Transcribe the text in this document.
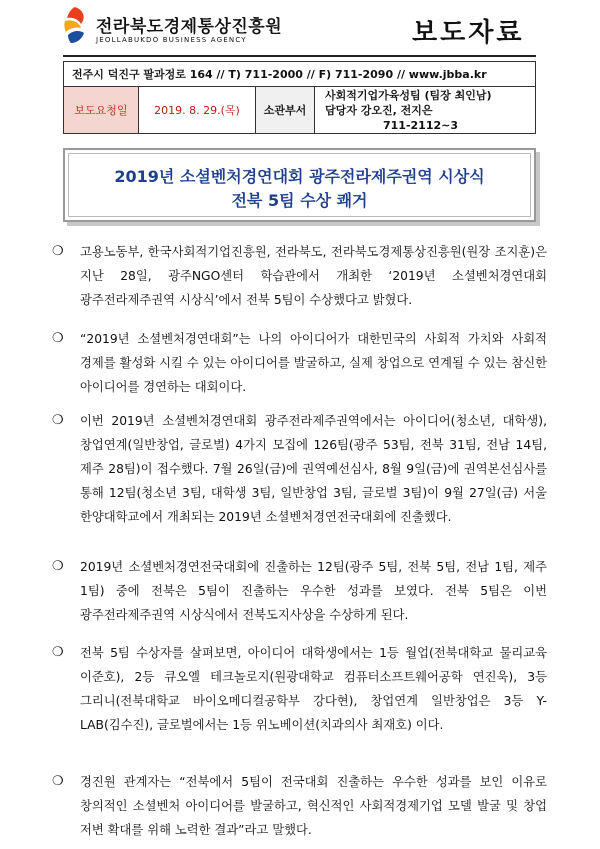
전라북도경제통상진흥원
JEOLLABUKDO BUSINESS AGENCY	보도자료
전주시 덕진구 팔과정로 164 // T) 711-2000 // F) 711-2090 // www.jbba.kr
보도요청일	2019. 8. 29.(목)	소관부서	
사회적기업가육성팀 (팀장 최인남)
담당자 강오진, 전지은
711-2112~3
2019년 소셜벤처경연대회 광주전라제주권역 시상식
전북 5팀 수상 쾌거
❍ 고용노동부, 한국사회적기업진흥원, 전라북도, 전라북도경제통상진흥원(원장 조지훈)은 지난 28일, 광주NGO센터 학습관에서 개최한 ‘2019년 소셜벤처경연대회 광주전라제주권역 시상식’에서 전북 5팀이 수상했다고 밝혔다.
❍ “2019년 소셜벤처경연대회”는 나의 아이디어가 대한민국의 사회적 가치와 사회적 경제를 활성화 시킬 수 있는 아이디어를 발굴하고, 실제 창업으로 연계될 수 있는 참신한 아이디어를 경연하는 대회이다.
❍ 이번 2019년 소셜벤처경연대회 광주전라제주권역에서는 아이디어(청소년, 대학생), 창업연계(일반창업, 글로벌) 4가지 모집에 126팀(광주 53팀, 전북 31팀, 전남 14팀, 제주 28팀)이 접수했다. 7월 26일(금)에 권역예선심사, 8월 9일(금)에 권역본선심사를 통해 12팀(청소년 3팀, 대학생 3팀, 일반창업 3팀, 글로벌 3팀)이 9월 27일(금) 서울 한양대학교에서 개최되는 2019년 소셜벤처경연전국대회에 진출했다.
❍ 2019년 소셜벤처경연전국대회에 진출하는 12팀(광주 5팀, 전북 5팀, 전남 1팀, 제주 1팀) 중에 전북은 5팀이 진출하는 우수한 성과를 보였다. 전북 5팀은 이번 광주전라제주권역 시상식에서 전북도지사상을 수상하게 된다.
❍ 전북 5팀 수상자를 살펴보면, 아이디어 대학생에서는 1등 월업(전북대학교 물리교육 이준호), 2등 큐오엘 테크놀로지(원광대학교 컴퓨터소프트웨어공학 연진욱), 3등 그리니(전북대학교 바이오메디컬공학부 강다현), 창업연계 일반창업은 3등 Y-LAB(김수진), 글로벌에서는 1등 위노베이션(치과의사 최재호) 이다.
❍ 경진원 관계자는 “전북에서 5팀이 전국대회 진출하는 우수한 성과를 보인 이유로 창의적인 소셜벤처 아이디어를 발굴하고, 혁신적인 사회적경제기업 모델 발굴 및 창업 저변 확대를 위해 노력한 결과”라고 말했다.
